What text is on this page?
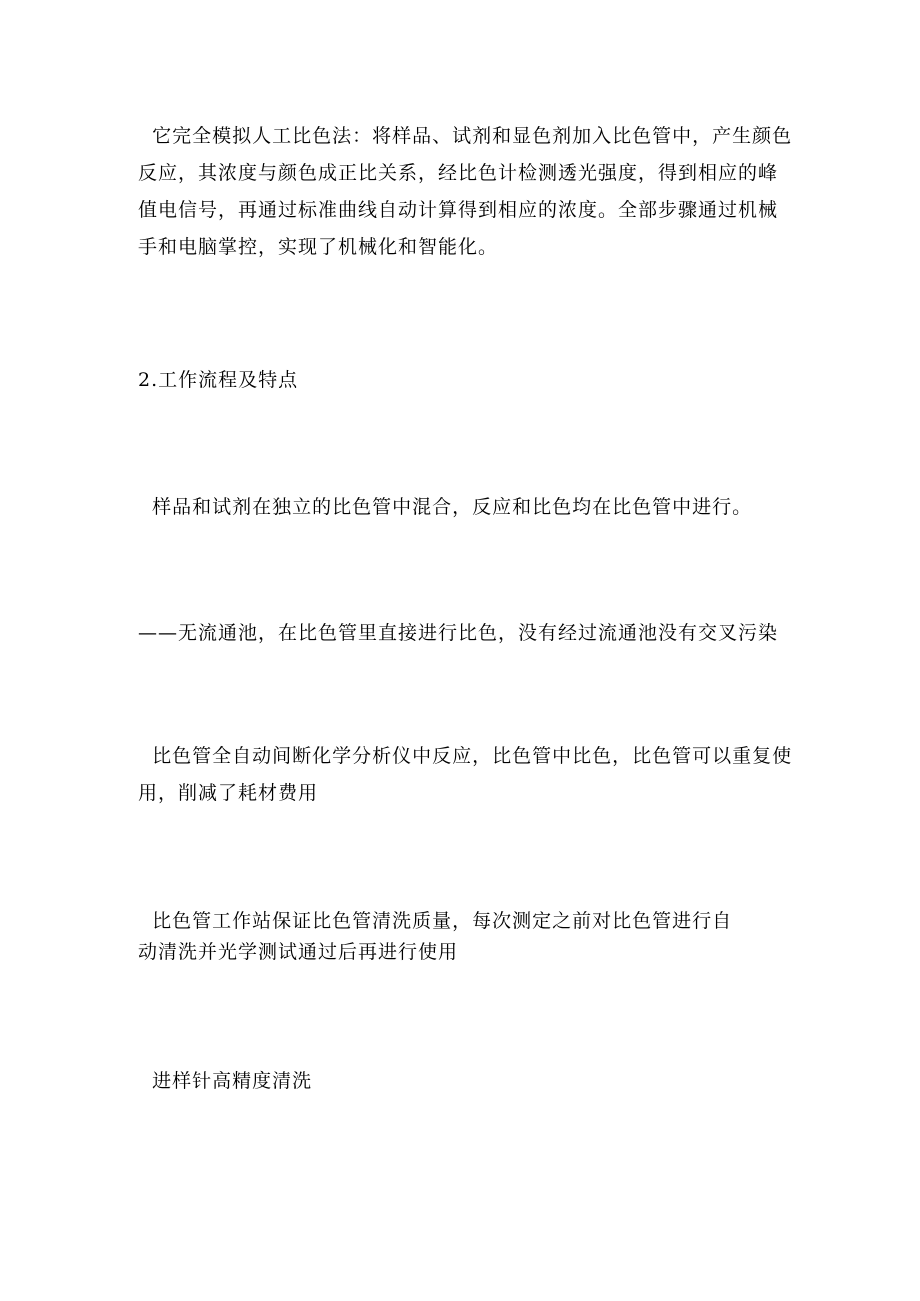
它完全模拟人工比色法：将样品、试剂和显色剂加入比色管中，产生颜色
反应，其浓度与颜色成正比关系，经比色计检测透光强度，得到相应的峰
值电信号，再通过标准曲线自动计算得到相应的浓度。全部步骤通过机械
手和电脑掌控，实现了机械化和智能化。

2.工作流程及特点

样品和试剂在独立的比色管中混合，反应和比色均在比色管中进行。

——无流通池，在比色管里直接进行比色，没有经过流通池没有交叉污染

比色管全自动间断化学分析仪中反应，比色管中比色，比色管可以重复使
用，削减了耗材费用

比色管工作站保证比色管清洗质量，每次测定之前对比色管进行自
动清洗并光学测试通过后再进行使用

进样针高精度清洗
